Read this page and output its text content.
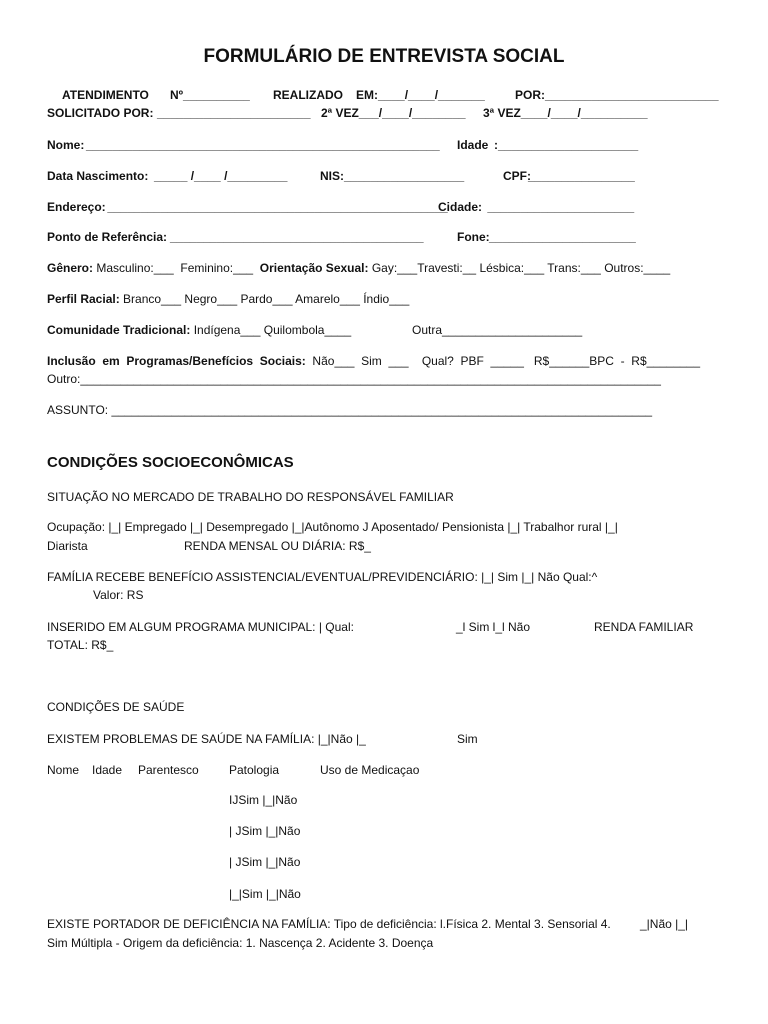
FORMULÁRIO DE ENTREVISTA SOCIAL
ATENDIMENTO Nº__________ REALIZADO EM:____/____/_______	POR:__________________________
SOLICITADO POR: _______________________ 2ª VEZ___/____/________ 3ª VEZ____/____/__________
Nome: _____________________________________________________ Idade :_____________________
Data Nascimento: _____ /____ /_________	NIS: __________________	CPF:
________________
Endereço:
___________________________________________________
Cidade: ______________________
Ponto de Referência: ______________________________________	Fone: ______________________
Gênero: Masculino:___  Feminino:___  Orientação Sexual: Gay:___Travesti:__ Lésbica:___ Trans:___ Outros:____
Perfil Racial: Branco___ Negro___ Pardo___ Amarelo___ Índio___
Comunidade Tradicional: Indígena___ Quilombola____	Outra_____________________
Inclusão  em  Programas/Benefícios  Sociais:  Não___  Sim  ___    Qual?  PBF  _____   R$______BPC  -  R$________
Outro:_______________________________________________________________________________________
ASSUNTO: _________________________________________________________________________________
CONDIÇÕES SOCIOECONÔMICAS
SITUAÇÃO NO MERCADO DE TRABALHO DO RESPONSÁVEL FAMILIAR
Ocupação: |_| Empregado |_| Desempregado |_|Autônomo J Aposentado/ Pensionista |_| Trabalhor rural |_|
Diarista	RENDA MENSAL OU DIÁRIA: R$_
FAMÍLIA RECEBE BENEFÍCIO ASSISTENCIAL/EVENTUAL/PREVIDENCIÁRIO: |_| Sim |_| Não Qual:^
Valor: RS
INSERIDO EM ALGUM PROGRAMA MUNICIPAL: | Qual:	_l Sim l_l Não	RENDA FAMILIAR
TOTAL: R$_
CONDIÇÕES DE SAÚDE
EXISTEM PROBLEMAS DE SAÚDE NA FAMÍLIA: |_|Não |_	Sim
Nome Idade Parentesco	Patologia	Uso de Medicaçao
IJSim |_|Não
| JSim |_|Não
| JSim |_|Não
|_|Sim |_|Não
EXISTE PORTADOR DE DEFICIÊNCIA NA FAMÍLIA: Tipo de deficiência: l.Física 2. Mental 3. Sensorial 4. _|Não |_|
Sim Múltipla - Origem da deficiência: 1. Nascença 2. Acidente 3. Doença
